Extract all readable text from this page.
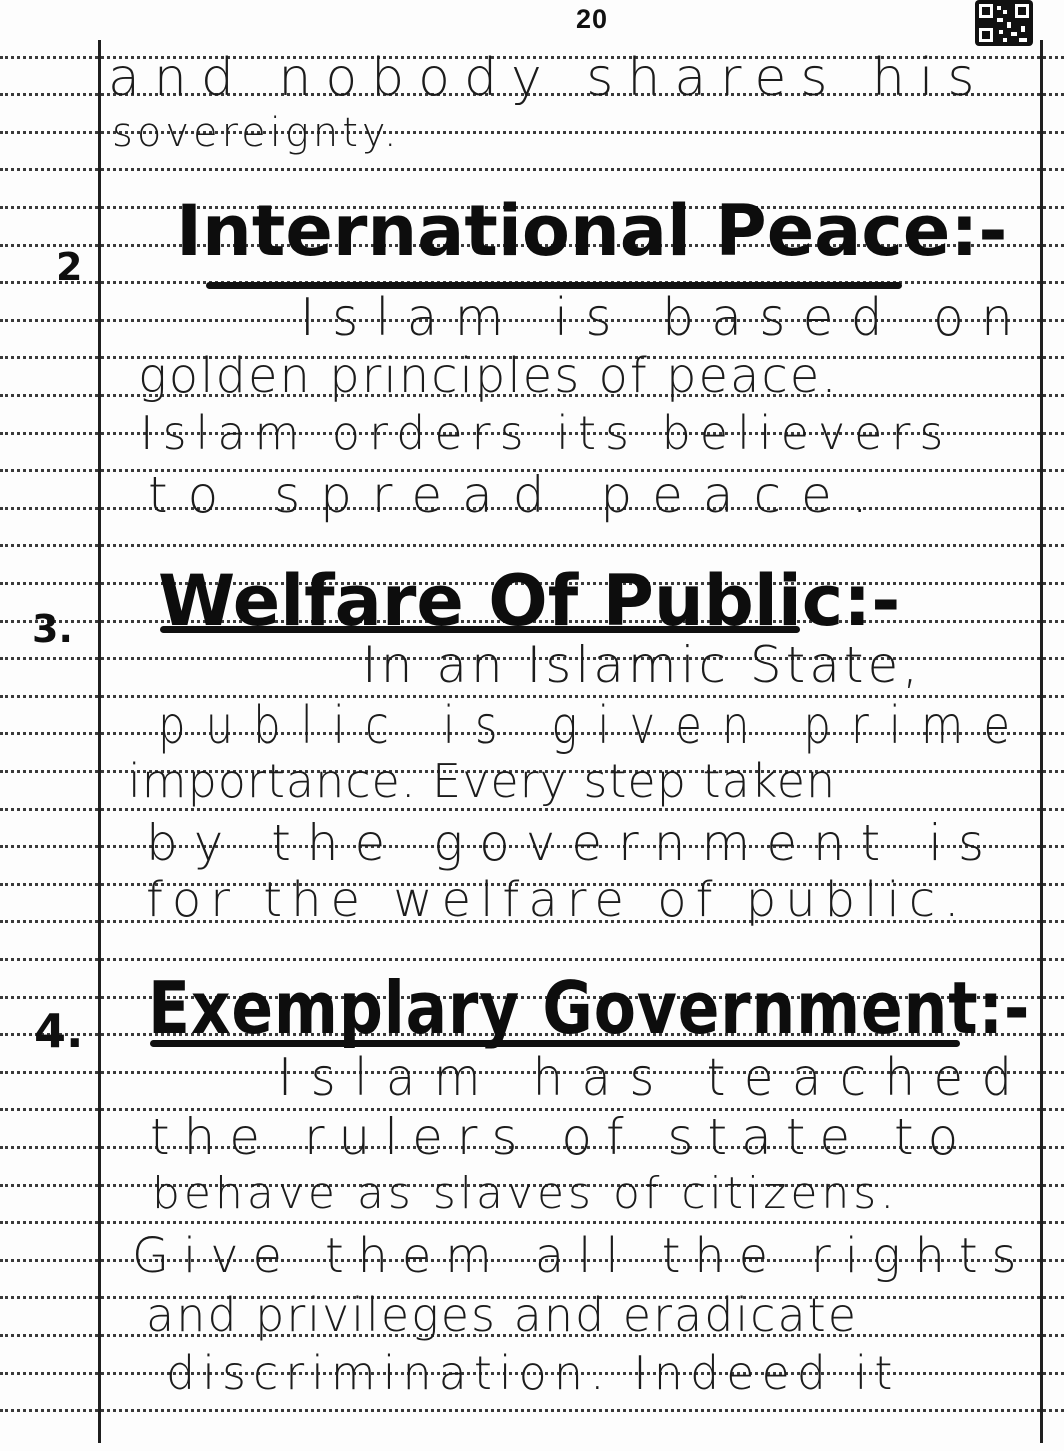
20
and nobody shares his
sovereignty.
2 International Peace:-
Islam is based on
golden principles of peace.
Islam orders its believers
to spread peace.
3. Welfare Of Public:-
In an Islamic State,
public is given prime
importance. Every step taken
by the government is
for the welfare of public.
4. Exemplary Government:-
Islam has teached
the rulers of state to
behave as slaves of citizens.
Give them all the rights
and privileges and eradicate
discrimination. Indeed it
